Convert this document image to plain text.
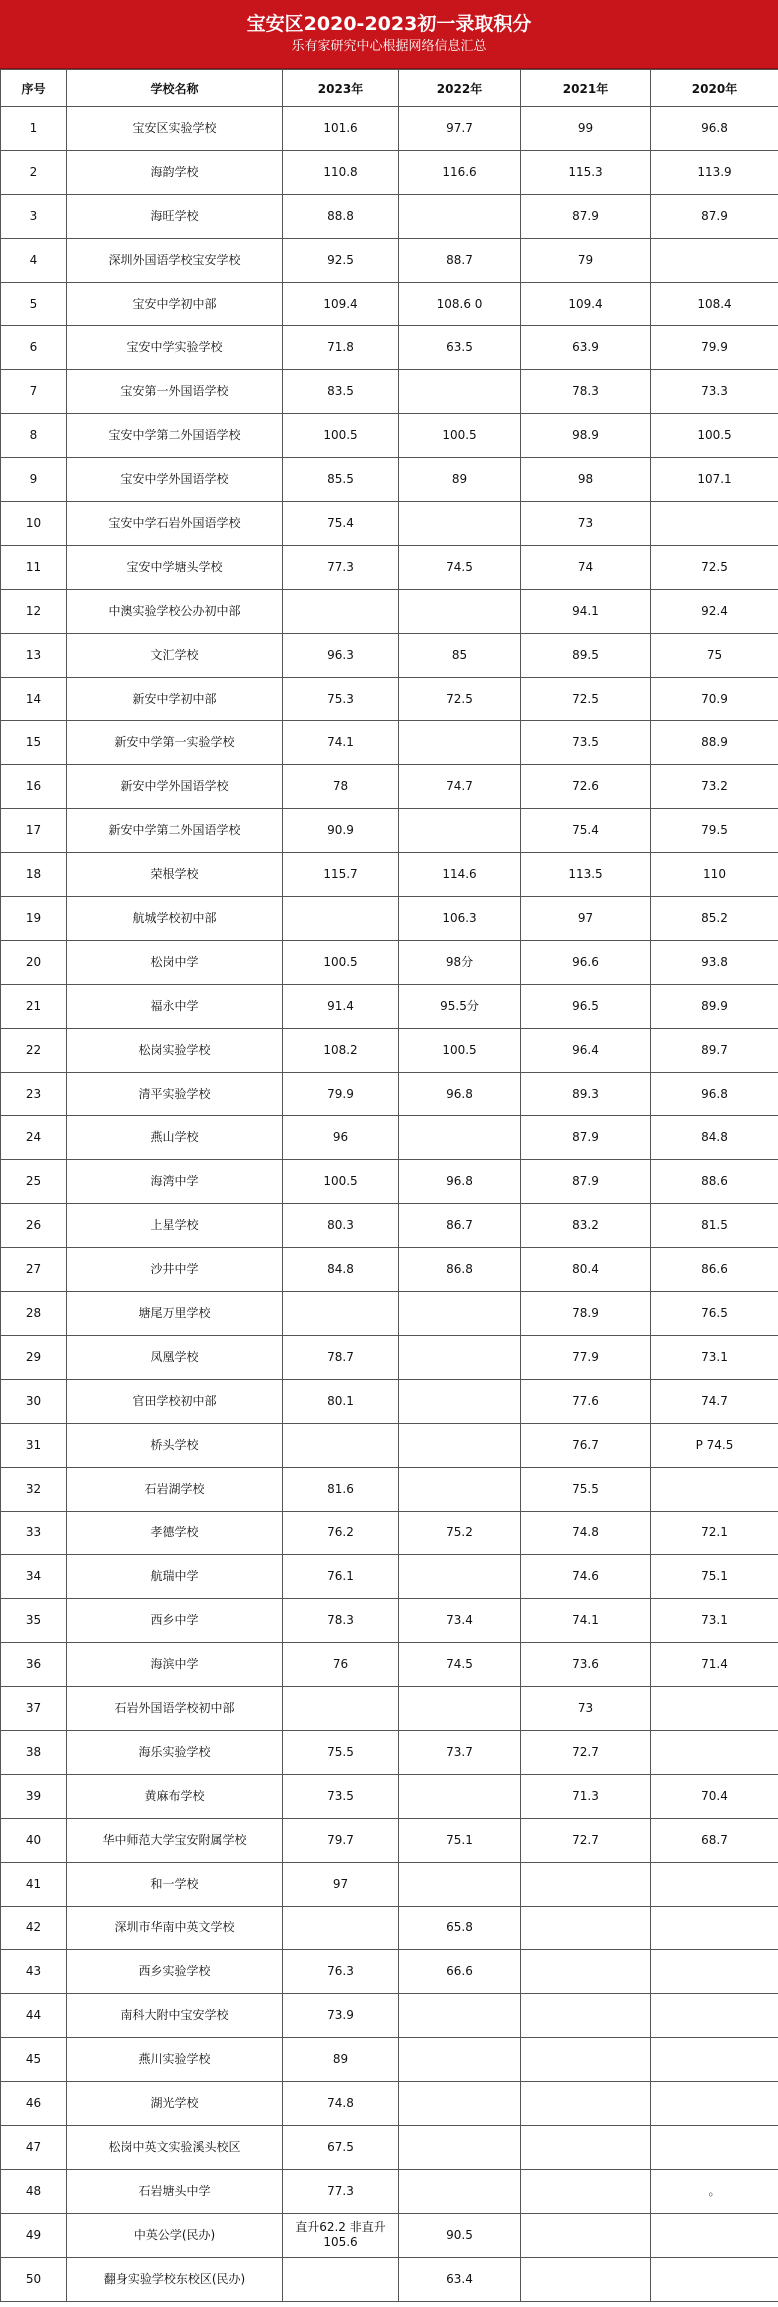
宝安区2020-2023初一录取积分
乐有家研究中心根据网络信息汇总
序号	学校名称	2023年	2022年	2021年	2020年
1	宝安区实验学校	101.6	97.7	99	96.8
2	海韵学校	110.8	116.6	115.3	113.9
3	海旺学校	88.8		87.9	87.9
4	深圳外国语学校宝安学校	92.5	88.7	79	
5	宝安中学初中部	109.4	108.6 0	109.4	108.4
6	宝安中学实验学校	71.8	63.5	63.9	79.9
7	宝安第一外国语学校	83.5		78.3	73.3
8	宝安中学第二外国语学校	100.5	100.5	98.9	100.5
9	宝安中学外国语学校	85.5	89	98	107.1
10	宝安中学石岩外国语学校	75.4		73	
11	宝安中学塘头学校	77.3	74.5	74	72.5
12	中澳实验学校公办初中部			94.1	92.4
13	文汇学校	96.3	85	89.5	75
14	新安中学初中部	75.3	72.5	72.5	70.9
15	新安中学第一实验学校	74.1		73.5	88.9
16	新安中学外国语学校	78	74.7	72.6	73.2
17	新安中学第二外国语学校	90.9		75.4	79.5
18	荣根学校	115.7	114.6	113.5	110
19	航城学校初中部		106.3	97	85.2
20	松岗中学	100.5	98分	96.6	93.8
21	福永中学	91.4	95.5分	96.5	89.9
22	松岗实验学校	108.2	100.5	96.4	89.7
23	清平实验学校	79.9	96.8	89.3	96.8
24	燕山学校	96		87.9	84.8
25	海湾中学	100.5	96.8	87.9	88.6
26	上星学校	80.3	86.7	83.2	81.5
27	沙井中学	84.8	86.8	80.4	86.6
28	塘尾万里学校			78.9	76.5
29	凤凰学校	78.7		77.9	73.1
30	官田学校初中部	80.1		77.6	74.7
31	桥头学校			76.7	P 74.5
32	石岩湖学校	81.6		75.5	
33	孝德学校	76.2	75.2	74.8	72.1
34	航瑞中学	76.1		74.6	75.1
35	西乡中学	78.3	73.4	74.1	73.1
36	海滨中学	76	74.5	73.6	71.4
37	石岩外国语学校初中部			73	
38	海乐实验学校	75.5	73.7	72.7	
39	黄麻布学校	73.5		71.3	70.4
40	华中师范大学宝安附属学校	79.7	75.1	72.7	68.7
41	和一学校	97			
42	深圳市华南中英文学校		65.8		
43	西乡实验学校	76.3	66.6		
44	南科大附中宝安学校	73.9			
45	燕川实验学校	89			
46	湖光学校	74.8			
47	松岗中英文实验溪头校区	67.5			
48	石岩塘头中学	77.3			。
49	中英公学(民办)	直升62.2 非直升105.6	90.5		
50	翻身实验学校东校区(民办)		63.4		
